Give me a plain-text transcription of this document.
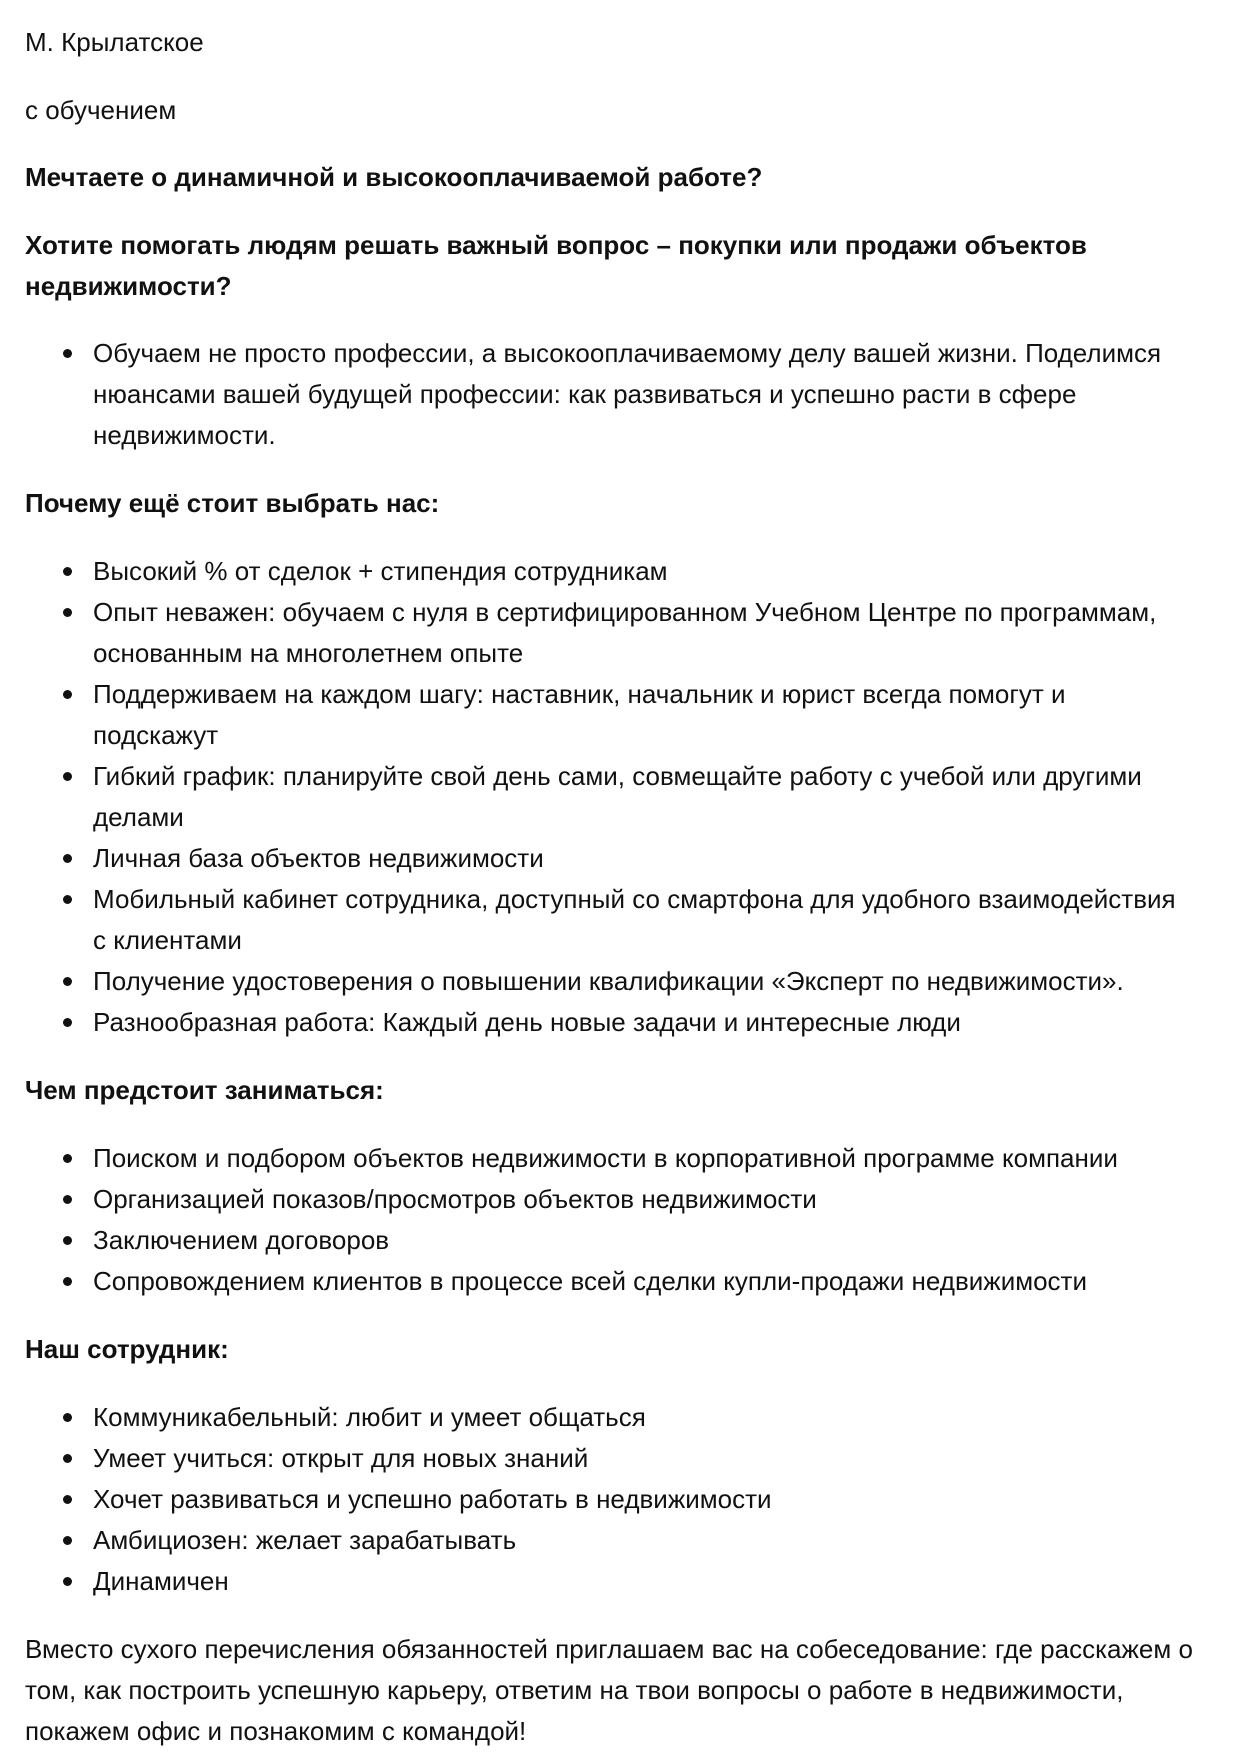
М. Крылатское

с обучением

Мечтаете о динамичной и высокооплачиваемой работе?

Хотите помогать людям решать важный вопрос – покупки или продажи объектов недвижимости?

Обучаем не просто профессии, а высокооплачиваемому делу вашей жизни. Поделимся нюансами вашей будущей профессии: как развиваться и успешно расти в сфере недвижимости.
Почему ещё стоит выбрать нас:
Высокий % от сделок + стипендия сотрудникам
Опыт неважен: обучаем с нуля в сертифицированном Учебном Центре по программам, основанным на многолетнем опыте
Поддерживаем на каждом шагу: наставник, начальник и юрист всегда помогут и подскажут
Гибкий график: планируйте свой день сами, совмещайте работу с учебой или другими делами
Личная база объектов недвижимости
Мобильный кабинет сотрудника, доступный со смартфона для удобного взаимодействия с клиентами
Получение удостоверения о повышении квалификации «Эксперт по недвижимости».
Разнообразная работа: Каждый день новые задачи и интересные люди
Чем предстоит заниматься:
Поиском и подбором объектов недвижимости в корпоративной программе компании
Организацией показов/просмотров объектов недвижимости
Заключением договоров
Сопровождением клиентов в процессе всей сделки купли-продажи недвижимости
Наш сотрудник:
Коммуникабельный: любит и умеет общаться
Умеет учиться: открыт для новых знаний
Хочет развиваться и успешно работать в недвижимости
Амбициозен: желает зарабатывать
Динамичен

Вместо сухого перечисления обязанностей приглашаем вас на собеседование: где расскажем о том, как построить успешную карьеру, ответим на твои вопросы о работе в недвижимости, покажем офис и познакомим с командой!
